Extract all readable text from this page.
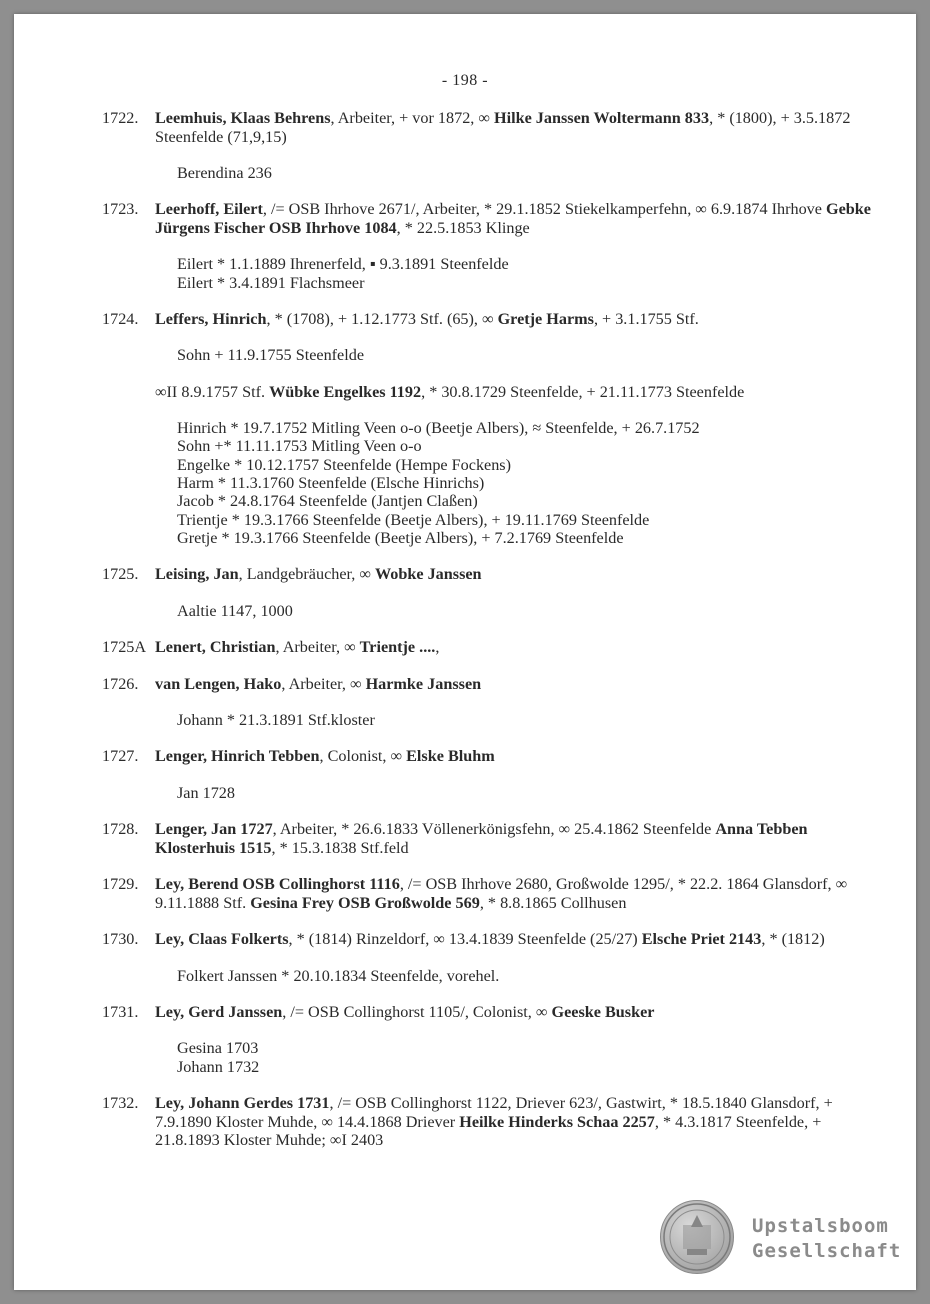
- 198 -
1722. Leemhuis, Klaas Behrens, Arbeiter, + vor 1872, ∞ Hilke Janssen Woltermann 833, * (1800), + 3.5.1872 Steenfelde (71,9,15)
Berendina 236
1723. Leerhoff, Eilert, /= OSB Ihrhove 2671/, Arbeiter, * 29.1.1852 Stiekelkamperfehn, ∞ 6.9.1874 Ihrhove Gebke Jürgens Fischer OSB Ihrhove 1084, * 22.5.1853 Klinge
Eilert * 1.1.1889 Ihrenerfeld, ▪ 9.3.1891 Steenfelde
Eilert * 3.4.1891 Flachsmeer
1724. Leffers, Hinrich, * (1708), + 1.12.1773 Stf. (65), ∞ Gretje Harms, + 3.1.1755 Stf.
Sohn + 11.9.1755 Steenfelde
∞II 8.9.1757 Stf. Wübke Engelkes 1192, * 30.8.1729 Steenfelde, + 21.11.1773 Steenfelde
Hinrich * 19.7.1752 Mitling Veen o-o (Beetje Albers), ≈ Steenfelde, + 26.7.1752
Sohn +* 11.11.1753 Mitling Veen o-o
Engelke * 10.12.1757 Steenfelde (Hempe Fockens)
Harm * 11.3.1760 Steenfelde (Elsche Hinrichs)
Jacob * 24.8.1764 Steenfelde (Jantjen Claßen)
Trientje * 19.3.1766 Steenfelde (Beetje Albers), + 19.11.1769 Steenfelde
Gretje * 19.3.1766 Steenfelde (Beetje Albers), + 7.2.1769 Steenfelde
1725. Leising, Jan, Landgebräucher, ∞ Wobke Janssen
Aaltie 1147, 1000
1725A Lenert, Christian, Arbeiter, ∞ Trientje ....,
1726. van Lengen, Hako, Arbeiter, ∞ Harmke Janssen
Johann * 21.3.1891 Stf.kloster
1727. Lenger, Hinrich Tebben, Colonist, ∞ Elske Bluhm
Jan 1728
1728. Lenger, Jan 1727, Arbeiter, * 26.6.1833 Völlenerkönigsfehn, ∞ 25.4.1862 Steenfelde Anna Tebben Klosterhuis 1515, * 15.3.1838 Stf.feld
1729. Ley, Berend OSB Collinghorst 1116, /= OSB Ihrhove 2680, Großwolde 1295/, * 22.2. 1864 Glansdorf, ∞ 9.11.1888 Stf. Gesina Frey OSB Großwolde 569, * 8.8.1865 Collhusen
1730. Ley, Claas Folkerts, * (1814) Rinzeldorf, ∞ 13.4.1839 Steenfelde (25/27) Elsche Priet 2143, * (1812)
Folkert Janssen * 20.10.1834 Steenfelde, vorehel.
1731. Ley, Gerd Janssen, /= OSB Collinghorst 1105/, Colonist, ∞ Geeske Busker
Gesina 1703
Johann 1732
1732. Ley, Johann Gerdes 1731, /= OSB Collinghorst 1122, Driever 623/, Gastwirt, * 18.5.1840 Glansdorf, + 7.9.1890 Kloster Muhde, ∞ 14.4.1868 Driever Heilke Hinderks Schaa 2257, * 4.3.1817 Steenfelde, + 21.8.1893 Kloster Muhde; ∞I 2403
Upstalsboom
Gesellschaft
